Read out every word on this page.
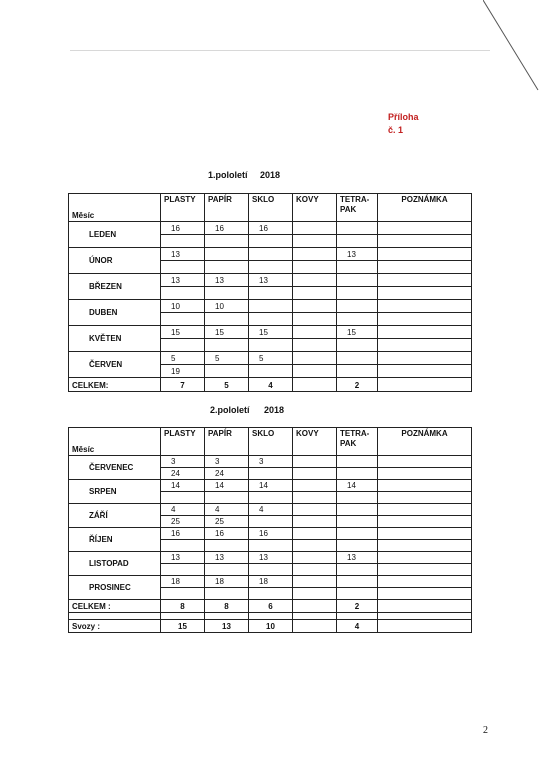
Příloha
č. 1
1.pololetí 2018
Měsíc	PLASTY	PAPÍR	SKLO	KOVY	TETRA-
PAK	POZNÁMKA
LEDEN	16	16	16			

ÚNOR	13				13	

BŘEZEN	13	13	13			

DUBEN	10	10				

KVĚTEN	15	15	15		15	

ČERVEN	5	5	5			
	19					
CELKEM:	7	5	4		2	
2.pololetí 2018
Měsíc	PLASTY	PAPÍR	SKLO	KOVY	TETRA-
PAK	POZNÁMKA
ČERVENEC	3	3	3			
	24	24				
SRPEN	14	14	14		14	

ZÁŘÍ	4	4	4			
	25	25				
ŘÍJEN	16	16	16			

LISTOPAD	13	13	13		13	

PROSINEC	18	18	18			

CELKEM :	8	8	6		2	

Svozy :	15	13	10		4	
2
